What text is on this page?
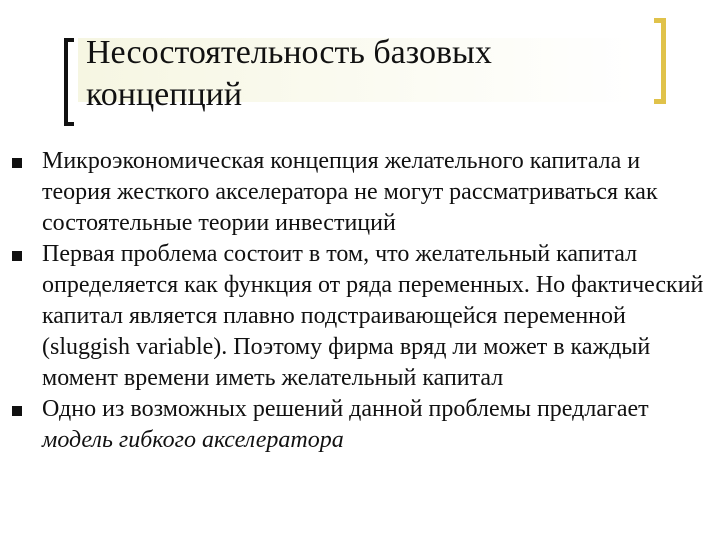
Несостоятельность базовых концепций
Микроэкономическая концепция желательного капитала и теория жесткого акселератора не могут рассматриваться как состоятельные теории инвестиций
Первая проблема состоит в том, что желательный капитал определяется как функция от ряда переменных. Но фактический капитал является плавно подстраивающейся переменной (sluggish variable). Поэтому фирма вряд ли может в каждый момент времени иметь желательный капитал
Одно из возможных решений данной проблемы предлагает модель гибкого акселератора
